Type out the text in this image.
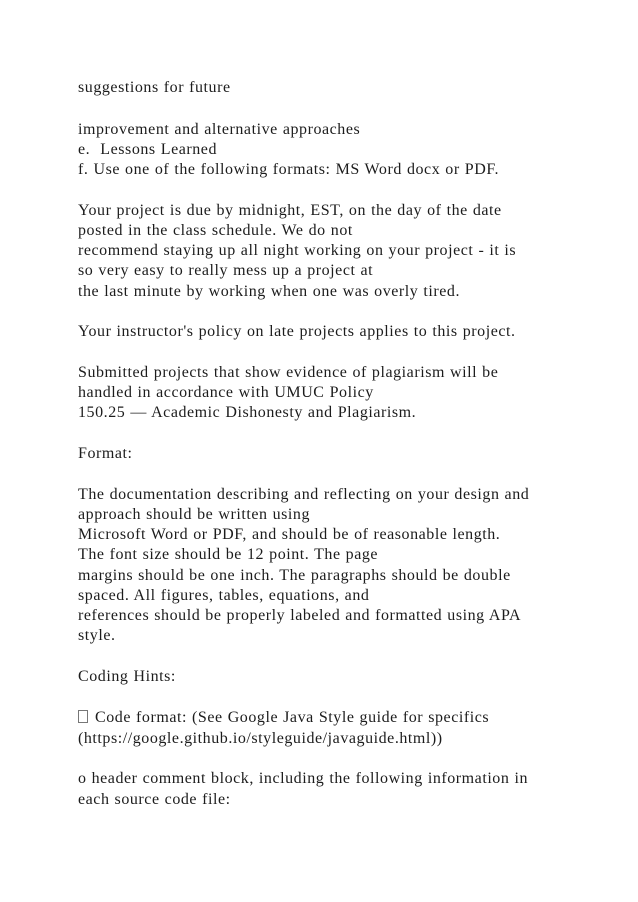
suggestions for future
improvement and alternative approaches
e.  Lessons Learned
f. Use one of the following formats: MS Word docx or PDF.
Your project is due by midnight, EST, on the day of the date
posted in the class schedule. We do not
recommend staying up all night working on your project - it is
so very easy to really mess up a project at
the last minute by working when one was overly tired.
Your instructor's policy on late projects applies to this project.
Submitted projects that show evidence of plagiarism will be
handled in accordance with UMUC Policy
150.25 — Academic Dishonesty and Plagiarism.
Format:
The documentation describing and reflecting on your design and
approach should be written using
Microsoft Word or PDF, and should be of reasonable length.
The font size should be 12 point. The page
margins should be one inch. The paragraphs should be double
spaced. All figures, tables, equations, and
references should be properly labeled and formatted using APA
style.
Coding Hints:
Code format: (See Google Java Style guide for specifics
(https://google.github.io/styleguide/javaguide.html))
o header comment block, including the following information in
each source code file:
